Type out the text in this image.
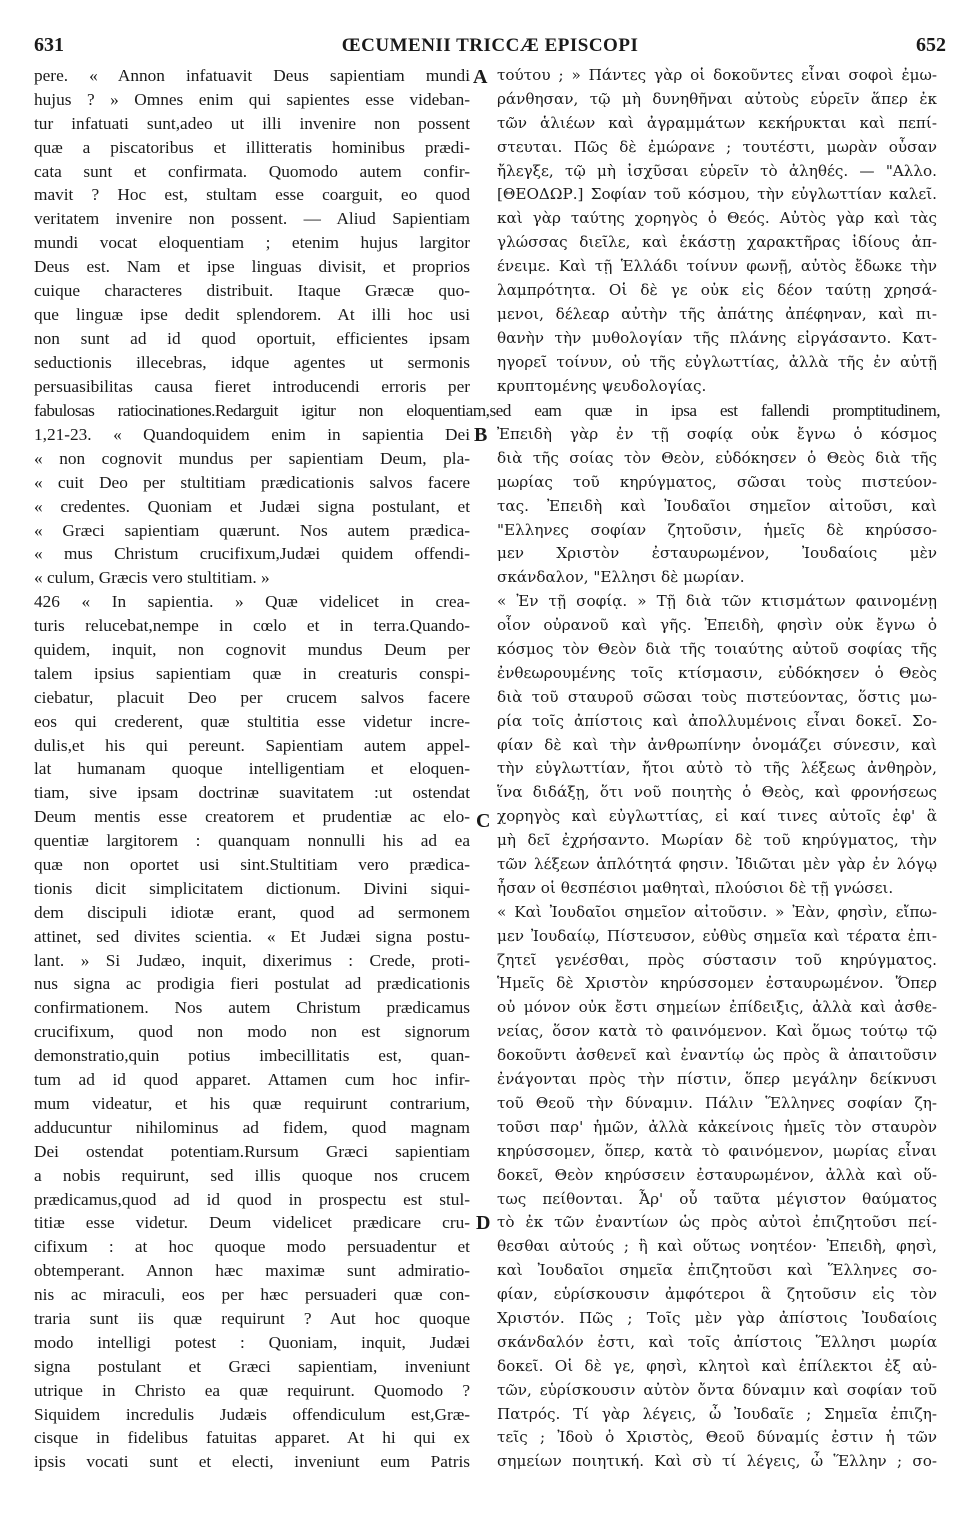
631	ŒCUMENII TRICCÆ EPISCOPI	652
pere. « Annon infatuavit Deus sapientiam mundi
hujus ? » Omnes enim qui sapientes esse videban-
tur infatuati sunt,adeo ut illi invenire non possent
quæ a piscatoribus et illitteratis hominibus prædi-
cata sunt et confirmata. Quomodo autem confir-
mavit ? Hoc est, stultam esse coarguit, eo quod
veritatem invenire non possent. — Aliud Sapientiam
mundi vocat eloquentiam ; etenim hujus largitor
Deus est. Nam et ipse linguas divisit, et proprios
cuique characteres distribuit. Itaque Græcæ quo-
que linguæ ipse dedit splendorem. At illi hoc usi
non sunt ad id quod oportuit, efficientes ipsam
seductionis illecebras, idque agentes ut sermonis
persuasibilitas causa fieret introducendi erroris per
τούτου ; » Πάντες γὰρ οἱ δοκοῦντες εἶναι σοφοὶ ἐμω-
ράνθησαν, τῷ μὴ δυνηθῆναι αὐτοὺς εὑρεῖν ἅπερ ἐκ
τῶν ἁλιέων καὶ ἀγραμμάτων κεκήρυκται καὶ πεπί-
στευται. Πῶς δὲ ἐμώρανε ; τουτέστι, μωρὰν οὖσαν
ἤλεγξε, τῷ μὴ ἰσχῦσαι εὑρεῖν τὸ ἀληθές. — "Αλλο.
[ΘΕΟΔΩΡ.] Σοφίαν τοῦ κόσμου, τὴν εὐγλωττίαν καλεῖ.
καὶ γὰρ ταύτης χορηγὸς ὁ Θεός. Αὐτὸς γὰρ καὶ τὰς
γλώσσας διεῖλε, καὶ ἑκάστῃ χαρακτῆρας ἰδίους ἀπ-
ένειμε. Καὶ τῇ Ἑλλάδι τοίνυν φωνῇ, αὐτὸς ἔδωκε τὴν
λαμπρότητα. Οἱ δὲ γε οὐκ εἰς δέον ταύτῃ χρησά-
μενοι, δέλεαρ αὐτὴν τῆς ἀπάτης ἀπέφηναν, καὶ πι-
θανὴν τὴν μυθολογίαν τῆς πλάνης εἰργάσαντο. Κατ-
ηγορεῖ τοίνυν, οὐ τῆς εὐγλωττίας, ἀλλὰ τῆς ἐν αὐτῇ
κρυπτομένης ψευδολογίας.
fabulosas ratiocinationes.Redarguit igitur non eloquentiam,sed eam quæ in ipsa est fallendi promptitudinem,
1,21-23. « Quandoquidem enim in sapientia Dei
« non cognovit mundus per sapientiam Deum, pla-
« cuit Deo per stultitiam prædicationis salvos facere
« credentes. Quoniam et Judæi signa postulant, et
« Græci sapientiam quærunt. Nos autem prædica-
« mus Christum crucifixum,Judæi quidem offendi-
« culum, Græcis vero stultitiam. »
426 « In sapientia. » Quæ videlicet in crea-
turis relucebat,nempe in cœlo et in terra.Quando-
quidem, inquit, non cognovit mundus Deum per
talem ipsius sapientiam quæ in creaturis conspi-
ciebatur, placuit Deo per crucem salvos facere
eos qui crederent, quæ stultitia esse videtur incre-
dulis,et his qui pereunt. Sapientiam autem appel-
lat humanam quoque intelligentiam et eloquen-
tiam, sive ipsam doctrinæ suavitatem :ut ostendat
Deum mentis esse creatorem et prudentiæ ac elo-
quentiæ largitorem : quanquam nonnulli his ad ea
quæ non oportet usi sint.Stultitiam vero prædica-
tionis dicit simplicitatem dictionum. Divini siqui-
dem discipuli idiotæ erant, quod ad sermonem
attinet, sed divites scientia. « Et Judæi signa postu-
lant. » Si Judæo, inquit, dixerimus : Crede, proti-
nus signa ac prodigia fieri postulat ad prædicationis
confirmationem. Nos autem Christum prædicamus
crucifixum, quod non modo non est signorum
demonstratio,quin potius imbecillitatis est, quan-
tum ad id quod apparet. Attamen cum hoc infir-
mum videatur, et his quæ requirunt contrarium,
adducuntur nihilominus ad fidem, quod magnam
Dei ostendat potentiam.Rursum Græci sapientiam
a nobis requirunt, sed illis quoque nos crucem
prædicamus,quod ad id quod in prospectu est stul-
titiæ esse videtur. Deum videlicet prædicare cru-
cifixum : at hoc quoque modo persuadentur et
obtemperant. Annon hæc maximæ sunt admiratio-
nis ac miraculi, eos per hæc persuaderi quæ con-
traria sunt iis quæ requirunt ? Aut hoc quoque
modo intelligi potest : Quoniam, inquit, Judæi
signa postulant et Græci sapientiam, inveniunt
utrique in Christo ea quæ requirunt. Quomodo ?
Siquidem incredulis Judæis offendiculum est,Græ-
cisque in fidelibus fatuitas apparet. At hi qui ex
ipsis vocati sunt et electi, inveniunt eum Patris
Ἐπειδὴ γὰρ ἐν τῇ σοφίᾳ οὐκ ἔγνω ὁ κόσμος
διὰ τῆς σοίας τὸν Θεὸν, εὐδόκησεν ὁ Θεὸς διὰ τῆς
μωρίας τοῦ κηρύγματος, σῶσαι τοὺς πιστεύον-
τας. Ἐπειδὴ καὶ Ἰουδαῖοι σημεῖον αἰτοῦσι, καὶ
"Ελληνες σοφίαν ζητοῦσιν, ἡμεῖς δὲ κηρύσσο-
μεν Χριστὸν ἐσταυρωμένον, Ἰουδαίοις μὲν
σκάνδαλον, "Ελλησι δὲ μωρίαν.
« Ἐν τῇ σοφίᾳ. » Τῇ διὰ τῶν κτισμάτων φαινομένῃ
οἷον οὐρανοῦ καὶ γῆς. Ἐπειδὴ, φησὶν οὐκ ἔγνω ὁ
κόσμος τὸν Θεὸν διὰ τῆς τοιαύτης αὐτοῦ σοφίας τῆς
ἐνθεωρουμένης τοῖς κτίσμασιν, εὐδόκησεν ὁ Θεὸς
διὰ τοῦ σταυροῦ σῶσαι τοὺς πιστεύοντας, ὅστις μω-
ρία τοῖς ἀπίστοις καὶ ἀπολλυμένοις εἶναι δοκεῖ. Σο-
φίαν δὲ καὶ τὴν ἀνθρωπίνην ὀνομάζει σύνεσιν, καὶ
τὴν εὐγλωττίαν, ἤτοι αὐτὸ τὸ τῆς λέξεως ἀνθηρὸν,
ἵνα διδάξῃ, ὅτι νοῦ ποιητὴς ὁ Θεὸς, καὶ φρονήσεως
χορηγὸς καὶ εὐγλωττίας, εἰ καί τινες αὐτοῖς ἐφ' ἃ
μὴ δεῖ ἐχρήσαντο. Μωρίαν δὲ τοῦ κηρύγματος, τὴν
τῶν λέξεων ἁπλότητά φησιν. Ἰδιῶται μὲν γὰρ ἐν λόγῳ
ἦσαν οἱ θεσπέσιοι μαθηταὶ, πλούσιοι δὲ τῇ γνώσει.
« Καὶ Ἰουδαῖοι σημεῖον αἰτοῦσιν. » Ἐὰν, φησὶν, εἴπω-
μεν Ἰουδαίῳ, Πίστευσον, εὐθὺς σημεῖα καὶ τέρατα ἐπι-
ζητεῖ γενέσθαι, πρὸς σύστασιν τοῦ κηρύγματος.
Ἡμεῖς δὲ Χριστὸν κηρύσσομεν ἐσταυρωμένον. Ὅπερ
οὐ μόνον οὐκ ἔστι σημείων ἐπίδειξις, ἀλλὰ καὶ ἀσθε-
νείας, ὅσον κατὰ τὸ φαινόμενον. Καὶ ὅμως τούτῳ τῷ
δοκοῦντι ἀσθενεῖ καὶ ἐναντίῳ ὡς πρὸς ἃ ἀπαιτοῦσιν
ἐνάγονται πρὸς τὴν πίστιν, ὅπερ μεγάλην δείκνυσι
τοῦ Θεοῦ τὴν δύναμιν. Πάλιν Ἕλληνες σοφίαν ζη-
τοῦσι παρ' ἡμῶν, ἀλλὰ κἀκείνοις ἡμεῖς τὸν σταυρὸν
κηρύσσομεν, ὅπερ, κατὰ τὸ φαινόμενον, μωρίας εἶναι
δοκεῖ, Θεὸν κηρύσσειν ἐσταυρωμένον, ἀλλὰ καὶ οὕ-
τως πείθονται. Ἆρ' οὖ ταῦτα μέγιστον θαύματος
τὸ ἐκ τῶν ἐναντίων ὡς πρὸς αὐτοὶ ἐπιζητοῦσι πεί-
θεσθαι αὐτούς ; ἢ καὶ οὕτως νοητέον· Ἐπειδὴ, φησὶ,
καὶ Ἰουδαῖοι σημεῖα ἐπιζητοῦσι καὶ Ἕλληνες σο-
φίαν, εὑρίσκουσιν ἀμφότεροι ἃ ζητοῦσιν εἰς τὸν
Χριστόν. Πῶς ; Τοῖς μὲν γὰρ ἀπίστοις Ἰουδαίοις
σκάνδαλόν ἐστι, καὶ τοῖς ἀπίστοις Ἕλλησι μωρία
δοκεῖ. Οἱ δὲ γε, φησὶ, κλητοὶ καὶ ἐπίλεκτοι ἐξ αὐ-
τῶν, εὑρίσκουσιν αὐτὸν ὄντα δύναμιν καὶ σοφίαν τοῦ
Πατρός. Τί γὰρ λέγεις, ὦ Ἰουδαῖε ; Σημεῖα ἐπιζη-
τεῖς ; Ἰδοὺ ὁ Χριστὸς, Θεοῦ δύναμίς ἐστιν ἡ τῶν
σημείων ποιητική. Καὶ σὺ τί λέγεις, ὦ Ἕλλην ; σο-
A
B
C
D
